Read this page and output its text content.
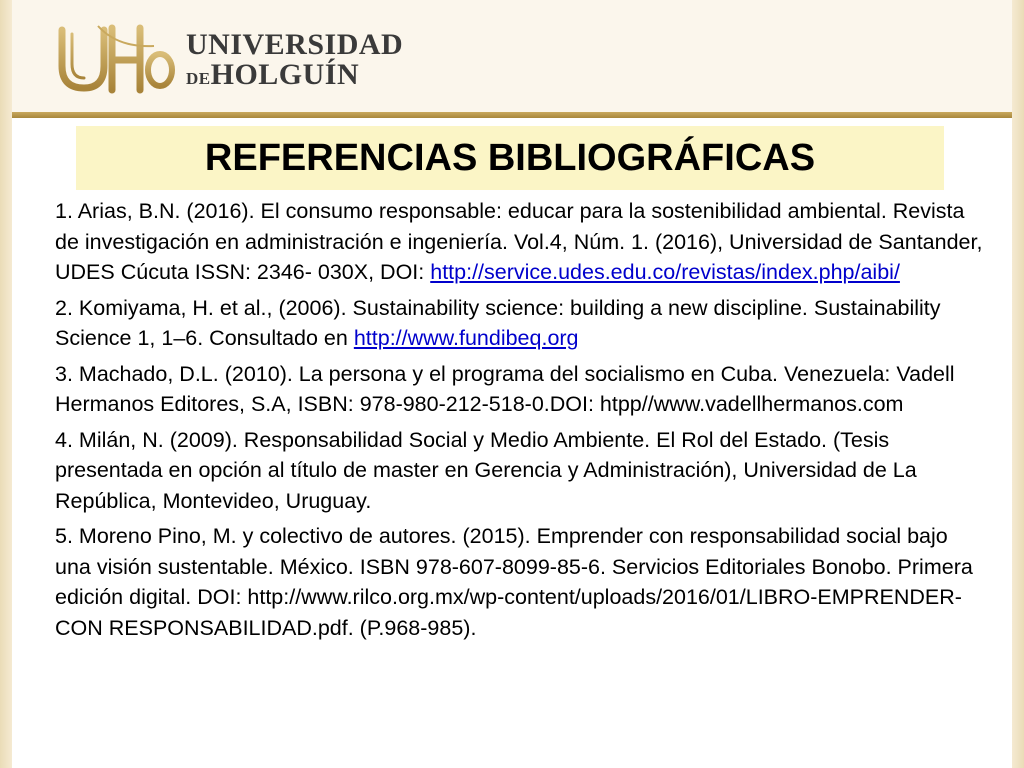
UNIVERSIDAD
DEHOLGUÍN
REFERENCIAS BIBLIOGRÁFICAS
1. Arias, B.N. (2016). El consumo responsable: educar para la sostenibilidad ambiental. Revista de investigación en administración e ingeniería. Vol.4, Núm. 1. (2016), Universidad de Santander, UDES Cúcuta ISSN: 2346- 030X, DOI: http://service.udes.edu.co/revistas/index.php/aibi/
2. Komiyama, H. et al., (2006). Sustainability science: building a new discipline. Sustainability Science 1, 1–6. Consultado en http://www.fundibeq.org
3. Machado, D.L. (2010). La persona y el programa del socialismo en Cuba. Venezuela: Vadell Hermanos Editores, S.A, ISBN: 978-980-212-518-0.DOI: htpp//www.vadellhermanos.com
4. Milán, N. (2009). Responsabilidad Social y Medio Ambiente. El Rol del Estado. (Tesis presentada en opción al título de master en Gerencia y Administración), Universidad de La República, Montevideo, Uruguay.
5. Moreno Pino, M. y colectivo de autores. (2015). Emprender con responsabilidad social bajo una visión sustentable. México. ISBN 978-607-8099-85-6. Servicios Editoriales Bonobo. Primera edición digital. DOI: http://www.rilco.org.mx/wp-content/uploads/2016/01/LIBRO-EMPRENDER-CON RESPONSABILIDAD.pdf. (P.968-985).
